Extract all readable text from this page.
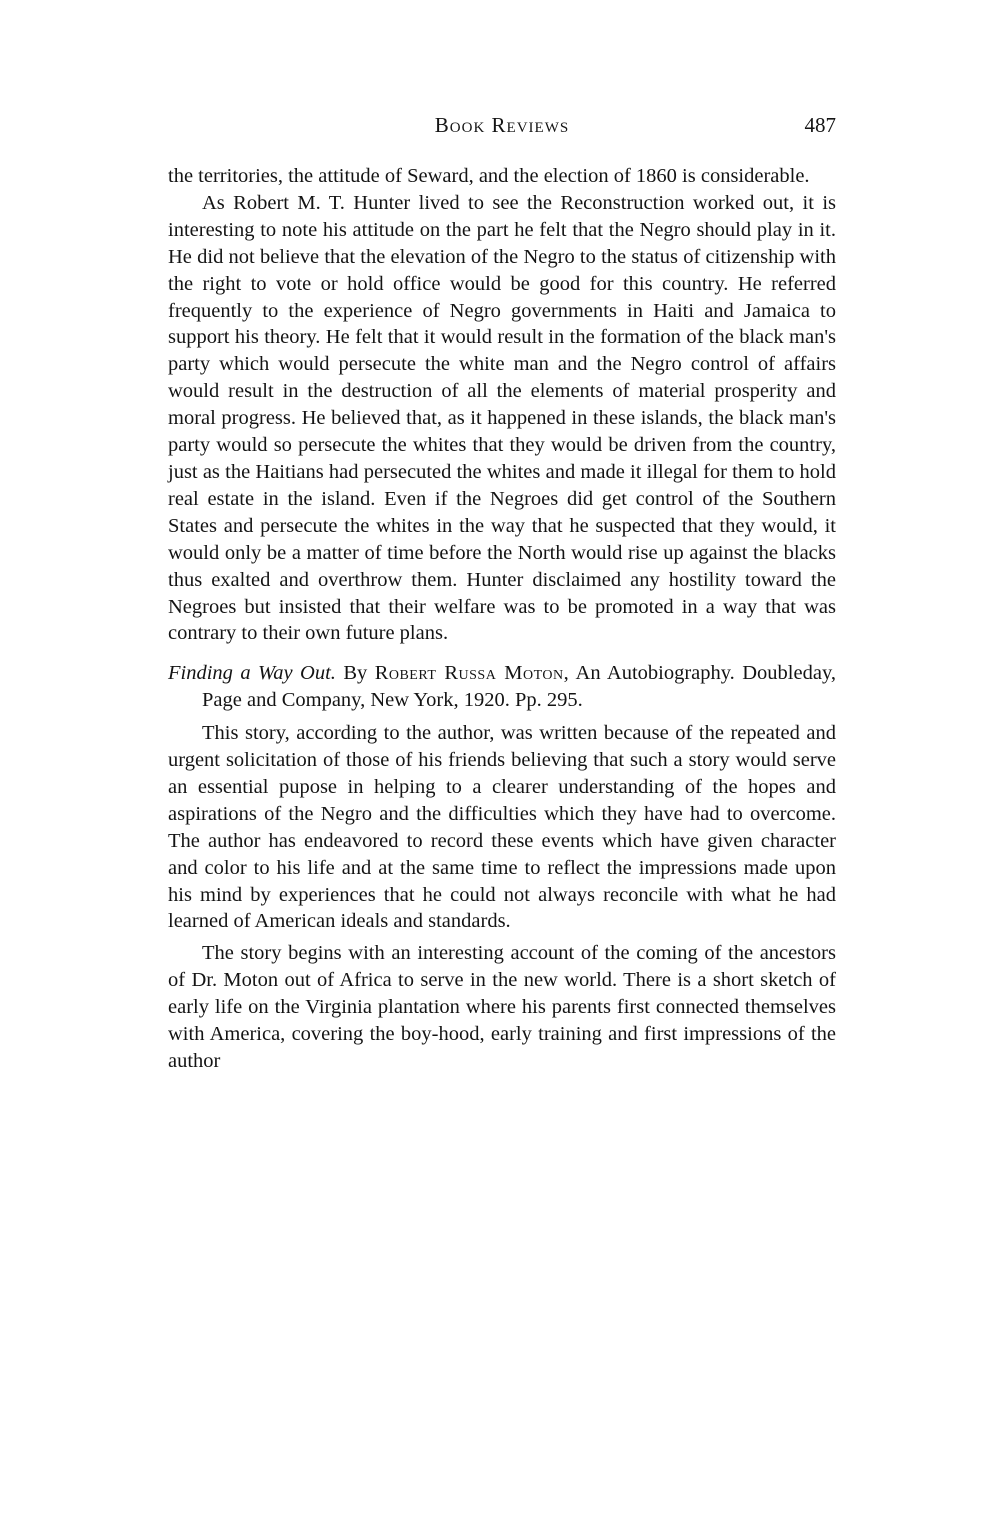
Book Reviews	487

the territories, the attitude of Seward, and the election of 1860 is considerable.

As Robert M. T. Hunter lived to see the Reconstruction worked out, it is interesting to note his attitude on the part he felt that the Negro should play in it. He did not believe that the elevation of the Negro to the status of citizenship with the right to vote or hold office would be good for this country. He referred frequently to the experience of Negro governments in Haiti and Jamaica to support his theory. He felt that it would result in the formation of the black man's party which would persecute the white man and the Negro control of affairs would result in the destruction of all the elements of material prosperity and moral progress. He believed that, as it happened in these islands, the black man's party would so persecute the whites that they would be driven from the country, just as the Haitians had persecuted the whites and made it illegal for them to hold real estate in the island. Even if the Negroes did get control of the Southern States and persecute the whites in the way that he suspected that they would, it would only be a matter of time before the North would rise up against the blacks thus exalted and overthrow them. Hunter disclaimed any hostility toward the Negroes but insisted that their welfare was to be promoted in a way that was contrary to their own future plans.

Finding a Way Out. By Robert Russa Moton, An Autobiography. Doubleday, Page and Company, New York, 1920. Pp. 295.

This story, according to the author, was written because of the repeated and urgent solicitation of those of his friends believing that such a story would serve an essential pupose in helping to a clearer understanding of the hopes and aspirations of the Negro and the difficulties which they have had to overcome. The author has endeavored to record these events which have given character and color to his life and at the same time to reflect the impressions made upon his mind by experiences that he could not always reconcile with what he had learned of American ideals and standards.

The story begins with an interesting account of the coming of the ancestors of Dr. Moton out of Africa to serve in the new world. There is a short sketch of early life on the Virginia plantation where his parents first connected themselves with America, covering the boy-hood, early training and first impressions of the author
